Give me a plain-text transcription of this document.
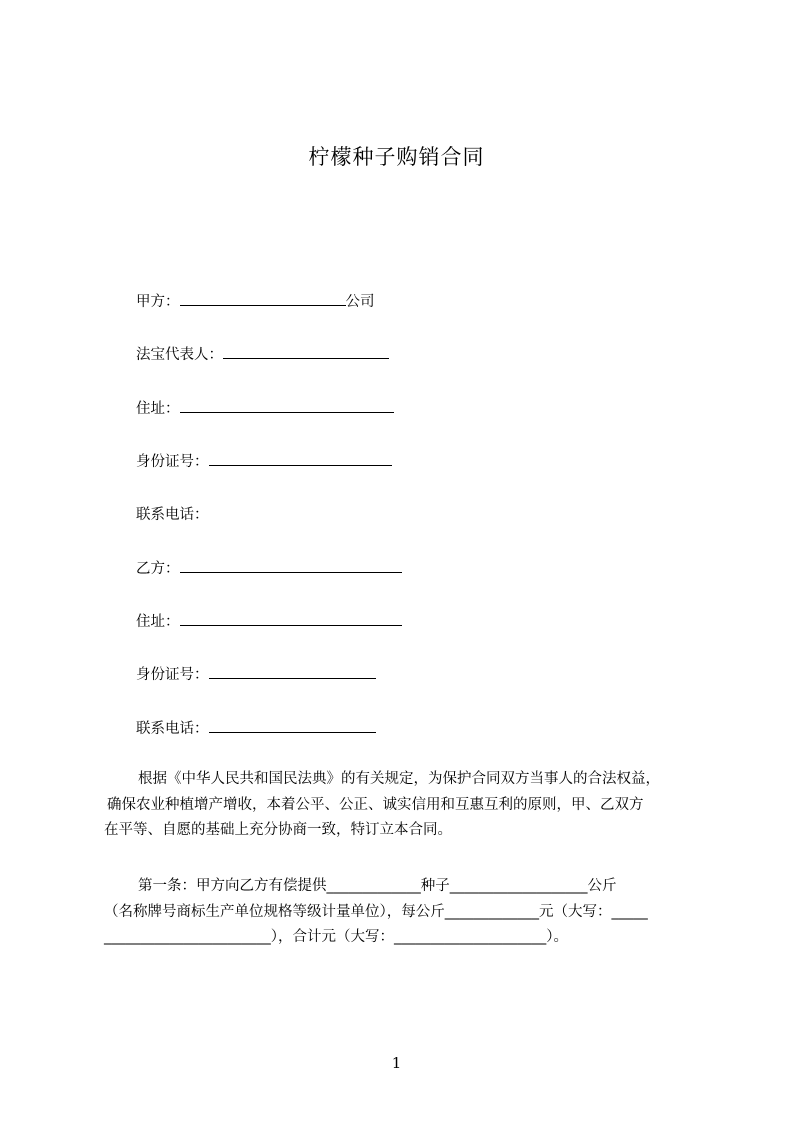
柠檬种子购销合同
甲方：	公司
法宝代表人：
住址：
身份证号：
联系电话：
乙方：
住址：
身份证号：
联系电话：
根据《中华人民共和国民法典》的有关规定，为保护合同双方当事人的合法权益，
确保农业种植增产增收，本着公平、公正、诚实信用和互惠互利的原则，甲、乙双方
在平等、自愿的基础上充分协商一致，特订立本合同。
第一条：甲方向乙方有偿提供_____________种子___________________公斤
（名称牌号商标生产单位规格等级计量单位），每公斤_____________元（大写：_____
_______________________），合计元（大写：_____________________）。
1
